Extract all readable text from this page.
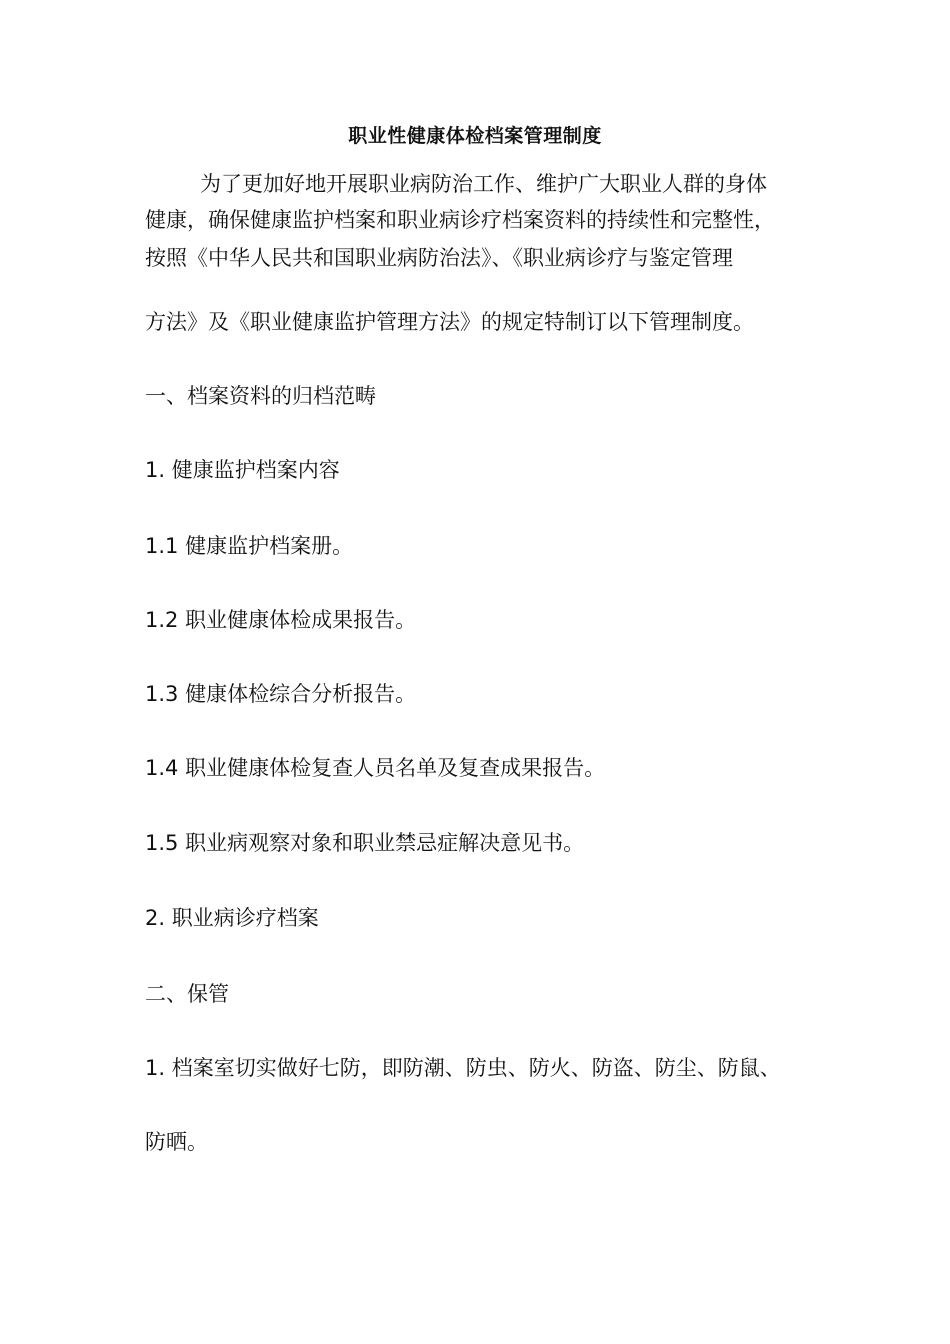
职业性健康体检档案管理制度
为了更加好地开展职业病防治工作、维护广大职业人群的身体
健康，确保健康监护档案和职业病诊疗档案资料的持续性和完整性，
按照《中华人民共和国职业病防治法》、《职业病诊疗与鉴定管理
方法》及《职业健康监护管理方法》的规定特制订以下管理制度。
一、档案资料的归档范畴
1. 健康监护档案内容
1.1 健康监护档案册。
1.2 职业健康体检成果报告。
1.3 健康体检综合分析报告。
1.4 职业健康体检复查人员名单及复查成果报告。
1.5 职业病观察对象和职业禁忌症解决意见书。
2. 职业病诊疗档案
二、保管
1. 档案室切实做好七防，即防潮、防虫、防火、防盗、防尘、防鼠、
防晒。
